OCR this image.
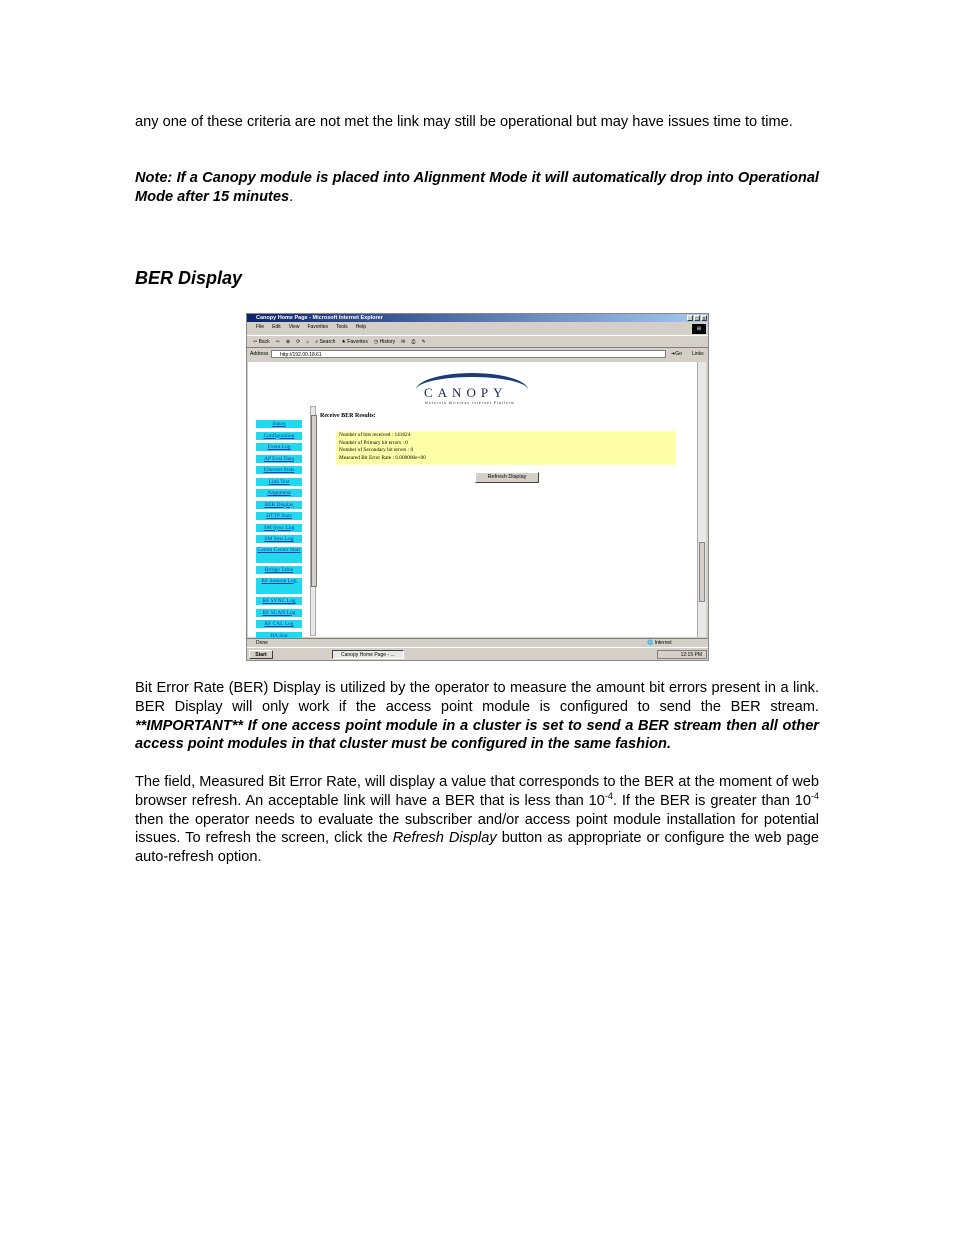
any one of these criteria are not met the link may still be operational but may have issues time to time.

Note: If a Canopy module is placed into Alignment Mode it will automatically drop into Operational Mode after 15 minutes.

BER Display
Canopy Home Page - Microsoft Internet Explorer	_ □ x
File Edit View Favorites Tools Help	⊞
⇦ Back ⇨ ⊗ ⟳ ⌂ ⌕ Search ★ Favorites ◷ History ✉ ⎙ ✎
Address	http://192.00.18.61	➜Go Links
CANOPY
Motorola Wireless Internet Platform
Status
Configuration
Event Log
AP Eval Data
Ethernet Stats
Link Test
Alignment
BER Display
HTTP Stats
SM Sync Log
SM Sess Log
Comm Center Stats
Bridge Table
RF Session Log
RF SYNC Log
RF SCAN Log
RF CAL Log
HA Stat
Receive BER Results:
Number of bits received : 141824
Number of Primary bit errors : 0
Number of Secondary bit errors : 0
Measured Bit Error Rate : 0.000000e+00
Refresh Display
Done	🌐 Internet
Start	Canopy Home Page - ...	12:15 PM

Bit Error Rate (BER) Display is utilized by the operator to measure the amount bit errors present in a link. BER Display will only work if the access point module is configured to send the BER stream. **IMPORTANT** If one access point module in a cluster is set to send a BER stream then all other access point modules in that cluster must be configured in the same fashion.

The field, Measured Bit Error Rate, will display a value that corresponds to the BER at the moment of web browser refresh. An acceptable link will have a BER that is less than $10^{-4}$. If the BER is greater than $10^{-4}$ then the operator needs to evaluate the subscriber and/or access point module installation for potential issues. To refresh the screen, click the Refresh Display button as appropriate or configure the web page auto-refresh option.
